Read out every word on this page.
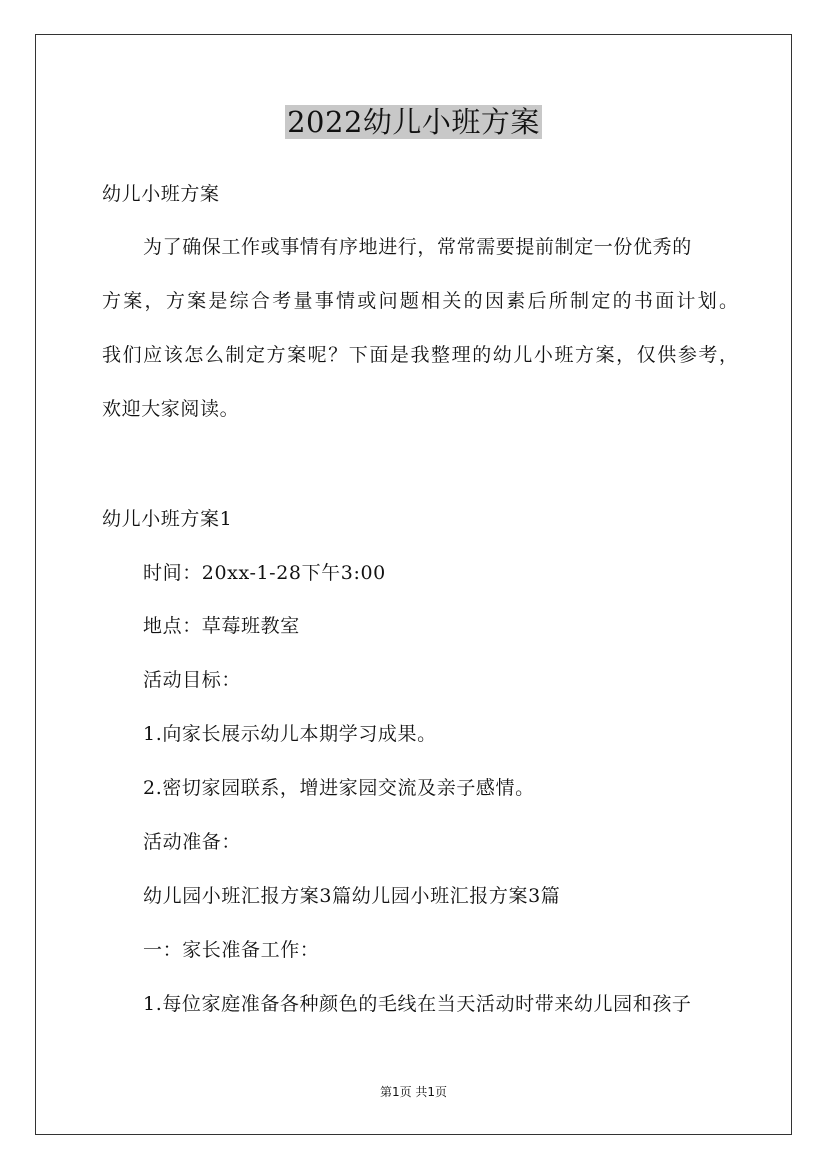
2022幼儿小班方案
幼儿小班方案
为了确保工作或事情有序地进行，常常需要提前制定一份优秀的
方案，方案是综合考量事情或问题相关的因素后所制定的书面计划。
我们应该怎么制定方案呢？下面是我整理的幼儿小班方案，仅供参考，
欢迎大家阅读。
幼儿小班方案1
时间：20xx-1-28下午3:00
地点：草莓班教室
活动目标：
1.向家长展示幼儿本期学习成果。
2.密切家园联系，增进家园交流及亲子感情。
活动准备：
幼儿园小班汇报方案3篇幼儿园小班汇报方案3篇
一：家长准备工作：
1.每位家庭准备各种颜色的毛线在当天活动时带来幼儿园和孩子
第1页 共1页
